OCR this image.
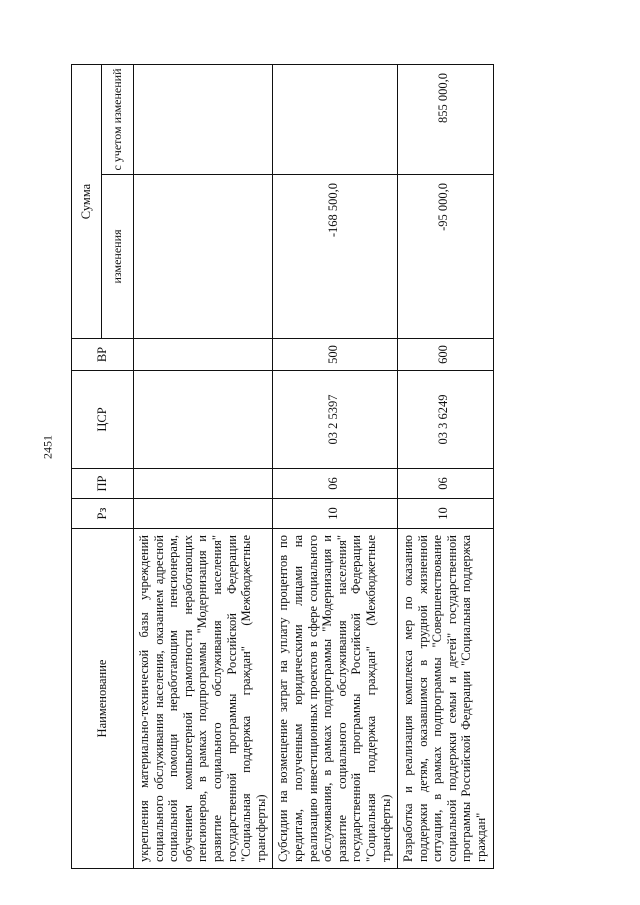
2451
Наименование	Рз	ПР	ЦСР	ВР	Сумма	
					изменения	с учетом изменений
укрепления материально-технической базы учреждений социального обслуживания населения, оказанием адресной социальной помощи неработающим пенсионерам, обучением компьютерной грамотности неработающих пенсионеров, в рамках подпрограммы "Модернизация и развитие социального обслуживания населения" государственной программы Российской Федерации "Социальная поддержка граждан" (Межбюджетные трансферты)						
Субсидии на возмещение затрат на уплату процентов по кредитам, полученным юридическими лицами на реализацию инвестиционных проектов в сфере социального обслуживания, в рамках подпрограммы "Модернизация и развитие социального обслуживания населения" государственной программы Российской Федерации "Социальная поддержка граждан" (Межбюджетные трансферты)	10	06	03 2 5397	500	-168 500,0	
Разработка и реализация комплекса мер по оказанию поддержки детям, оказавшимся в трудной жизненной ситуации, в рамках подпрограммы "Совершенствование социальной поддержки семьи и детей" государственной программы Российской Федерации "Социальная поддержка граждан"	10	06	03 3 6249	600	-95 000,0	855 000,0
